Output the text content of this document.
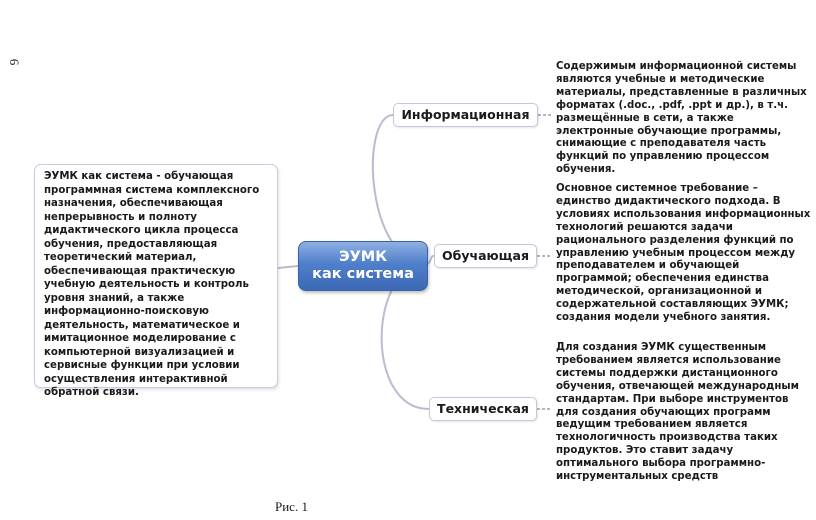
6
ЭУМК как система - обучающая программная система комплексного назначения, обеспечивающая непрерывность и полноту дидактического цикла процесса обучения, предоставляющая теоретический материал, обеспечивающая практическую учебную деятельность и контроль уровня знаний, а также информационно-поисковую деятельность, математическое и имитационное моделирование с компьютерной визуализацией и сервисные функции при условии осуществления интерактивной обратной связи.
ЭУМК
как система
Информационная
Обучающая
Техническая
Содержимым информационной системы являются учебные и методические материалы, представленные в различных форматах (.doc., .pdf, .ppt и др.), в т.ч. размещённые в сети, а также электронные обучающие программы, снимающие с преподавателя часть функций по управлению процессом обучения.
Основное системное требование – единство дидактического подхода. В условиях использования информационных технологий решаются задачи рационального разделения функций по управлению учебным процессом между преподавателем и обучающей программой; обеспечения единства методической, организационной и содержательной составляющих ЭУМК; создания модели учебного занятия.
Для создания ЭУМК существенным требованием является использование системы поддержки дистанционного обучения, отвечающей международным стандартам. При выборе инструментов для создания обучающих программ ведущим требованием является технологичность производства таких продуктов. Это ставит задачу оптимального выбора программно-инструментальных средств
Рис. 1
